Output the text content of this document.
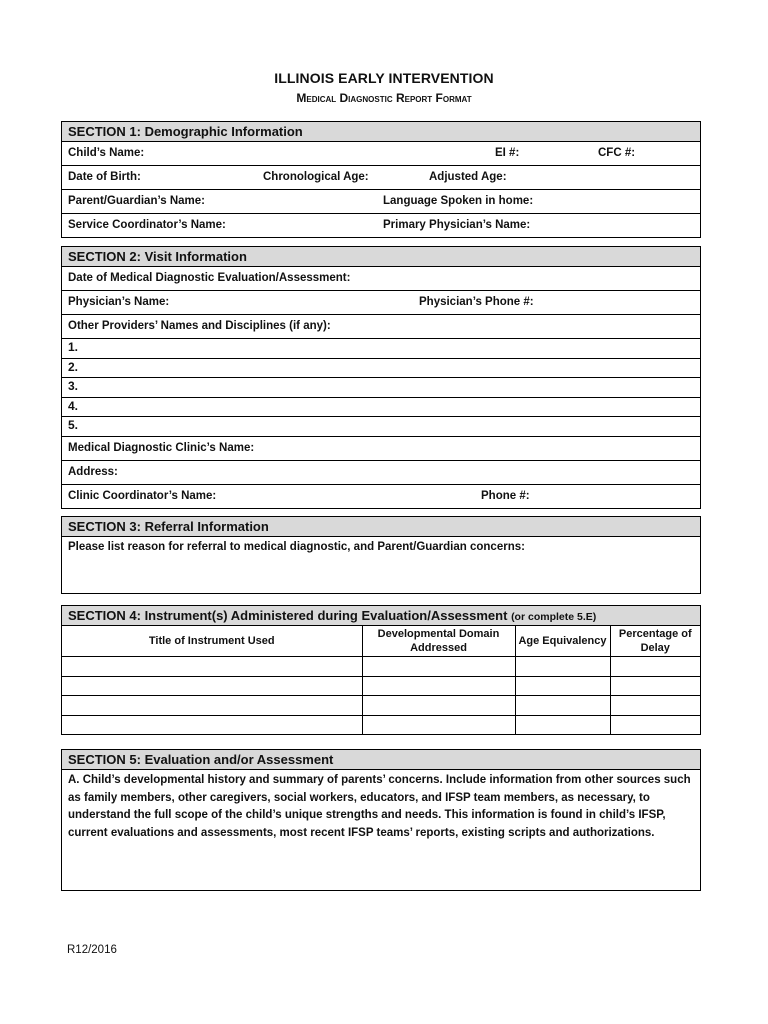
ILLINOIS EARLY INTERVENTION
Medical Diagnostic Report Format
SECTION 1: Demographic Information
Child’s Name:	EI #:	CFC #:
Date of Birth:	Chronological Age:	Adjusted Age:
Parent/Guardian’s Name:	Language Spoken in home:
Service Coordinator’s Name:	Primary Physician’s Name:
SECTION 2: Visit Information
Date of Medical Diagnostic Evaluation/Assessment:
Physician’s Name:	Physician’s Phone #:
Other Providers’ Names and Disciplines (if any):
1.
2.
3.
4.
5.
Medical Diagnostic Clinic’s Name:
Address:
Clinic Coordinator’s Name:	Phone #:
SECTION 3: Referral Information
Please list reason for referral to medical diagnostic, and Parent/Guardian concerns:
SECTION 4: Instrument(s) Administered during Evaluation/Assessment (or complete 5.E)
Title of Instrument Used	Developmental Domain Addressed	Age Equivalency	Percentage of Delay

SECTION 5: Evaluation and/or Assessment
A. Child’s developmental history and summary of parents’ concerns. Include information from other sources such as family members, other caregivers, social workers, educators, and IFSP team members, as necessary, to understand the full scope of the child’s unique strengths and needs. This information is found in child’s IFSP, current evaluations and assessments, most recent IFSP teams’ reports, existing scripts and authorizations.
R12/2016
